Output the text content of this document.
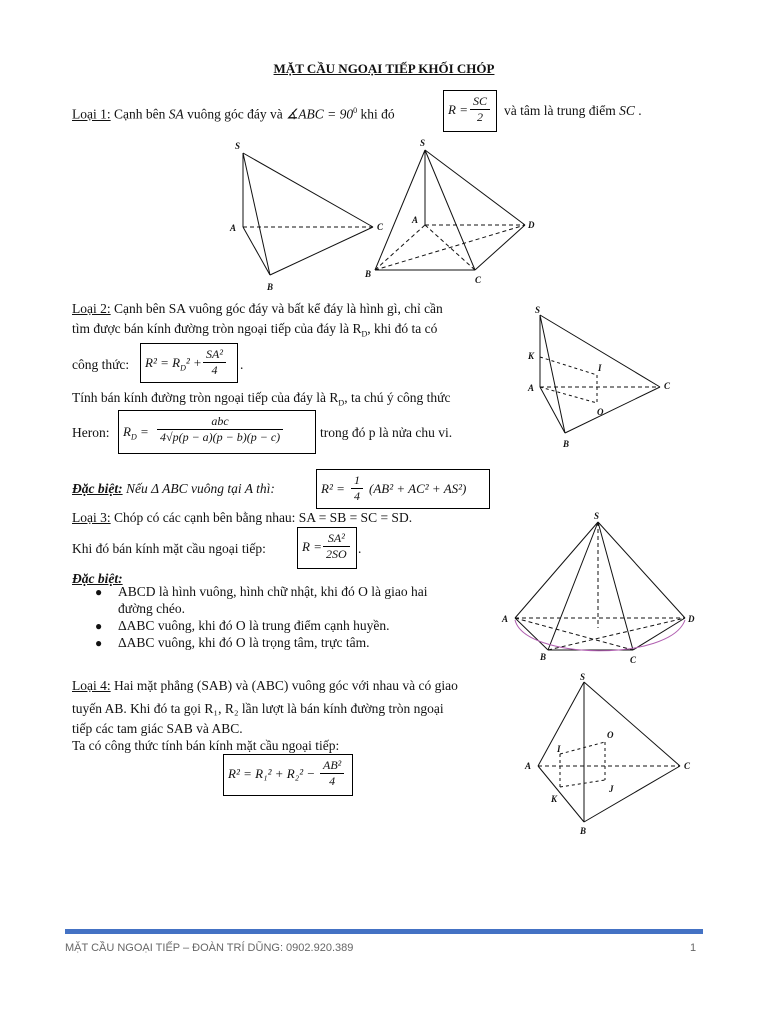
MẶT CẦU NGOẠI TIẾP KHỐI CHÓP
Loại 1: Cạnh bên SA vuông góc đáy và ∡ABC = $90^0$ khi đó	$R = \frac{SC}{2}$ và tâm là trung điểm SC .
S
A	C
B
S
A	D
B
C
Loại 2: Cạnh bên SA vuông góc đáy và bất kể đáy là hình gì, chỉ cần
tìm được bán kính đường tròn ngoại tiếp của đáy là $R_D$, khi đó ta có
công thức: $R^2 = R_D^2 + \frac{\text{SA²}}{4}$ .
Tính bán kính đường tròn ngoại tiếp của đáy là $R_D$, ta chú ý công thức
Heron: $R_D$ =
abc
4√p(p − a)(p − b)(p − c)	trong đó p là nửa chu vi.
S
K
I
A	C
O
B
Đặc biệt: Nếu Δ ABC vuông tại A thì:	$R^2 = \frac{1}{4} (AB^2 + AC^2 + AS^2)$
Loại 3: Chóp có các cạnh bên bằng nhau: SA = SB = SC = SD.
Khi đó bán kính mặt cầu ngoại tiếp:	$R = \frac{\text{SA²}}{2SO}$ .
Đặc biệt:
● ABCD là hình vuông, hình chữ nhật, khi đó O là giao hai
đường chéo.
● ΔABC vuông, khi đó O là trung điểm cạnh huyền.
● ΔABC vuông, khi đó O là trọng tâm, trực tâm.
S
A	D
B	C
Loại 4: Hai mặt phẳng (SAB) và (ABC) vuông góc với nhau và có giao
tuyến AB. Khi đó ta gọi R₁, R₂ lần lượt là bán kính đường tròn ngoại
tiếp các tam giác SAB và ABC.
Ta có công thức tính bán kính mặt cầu ngoại tiếp:
$R^2 = R_1^2 + R_2^2 - \frac{\text{AB²}}{4}$
S
O
I
A	C
K
J
B
MẶT CẦU NGOẠI TIẾP – ĐOÀN TRÍ DŨNG: 0902.920.389	1
